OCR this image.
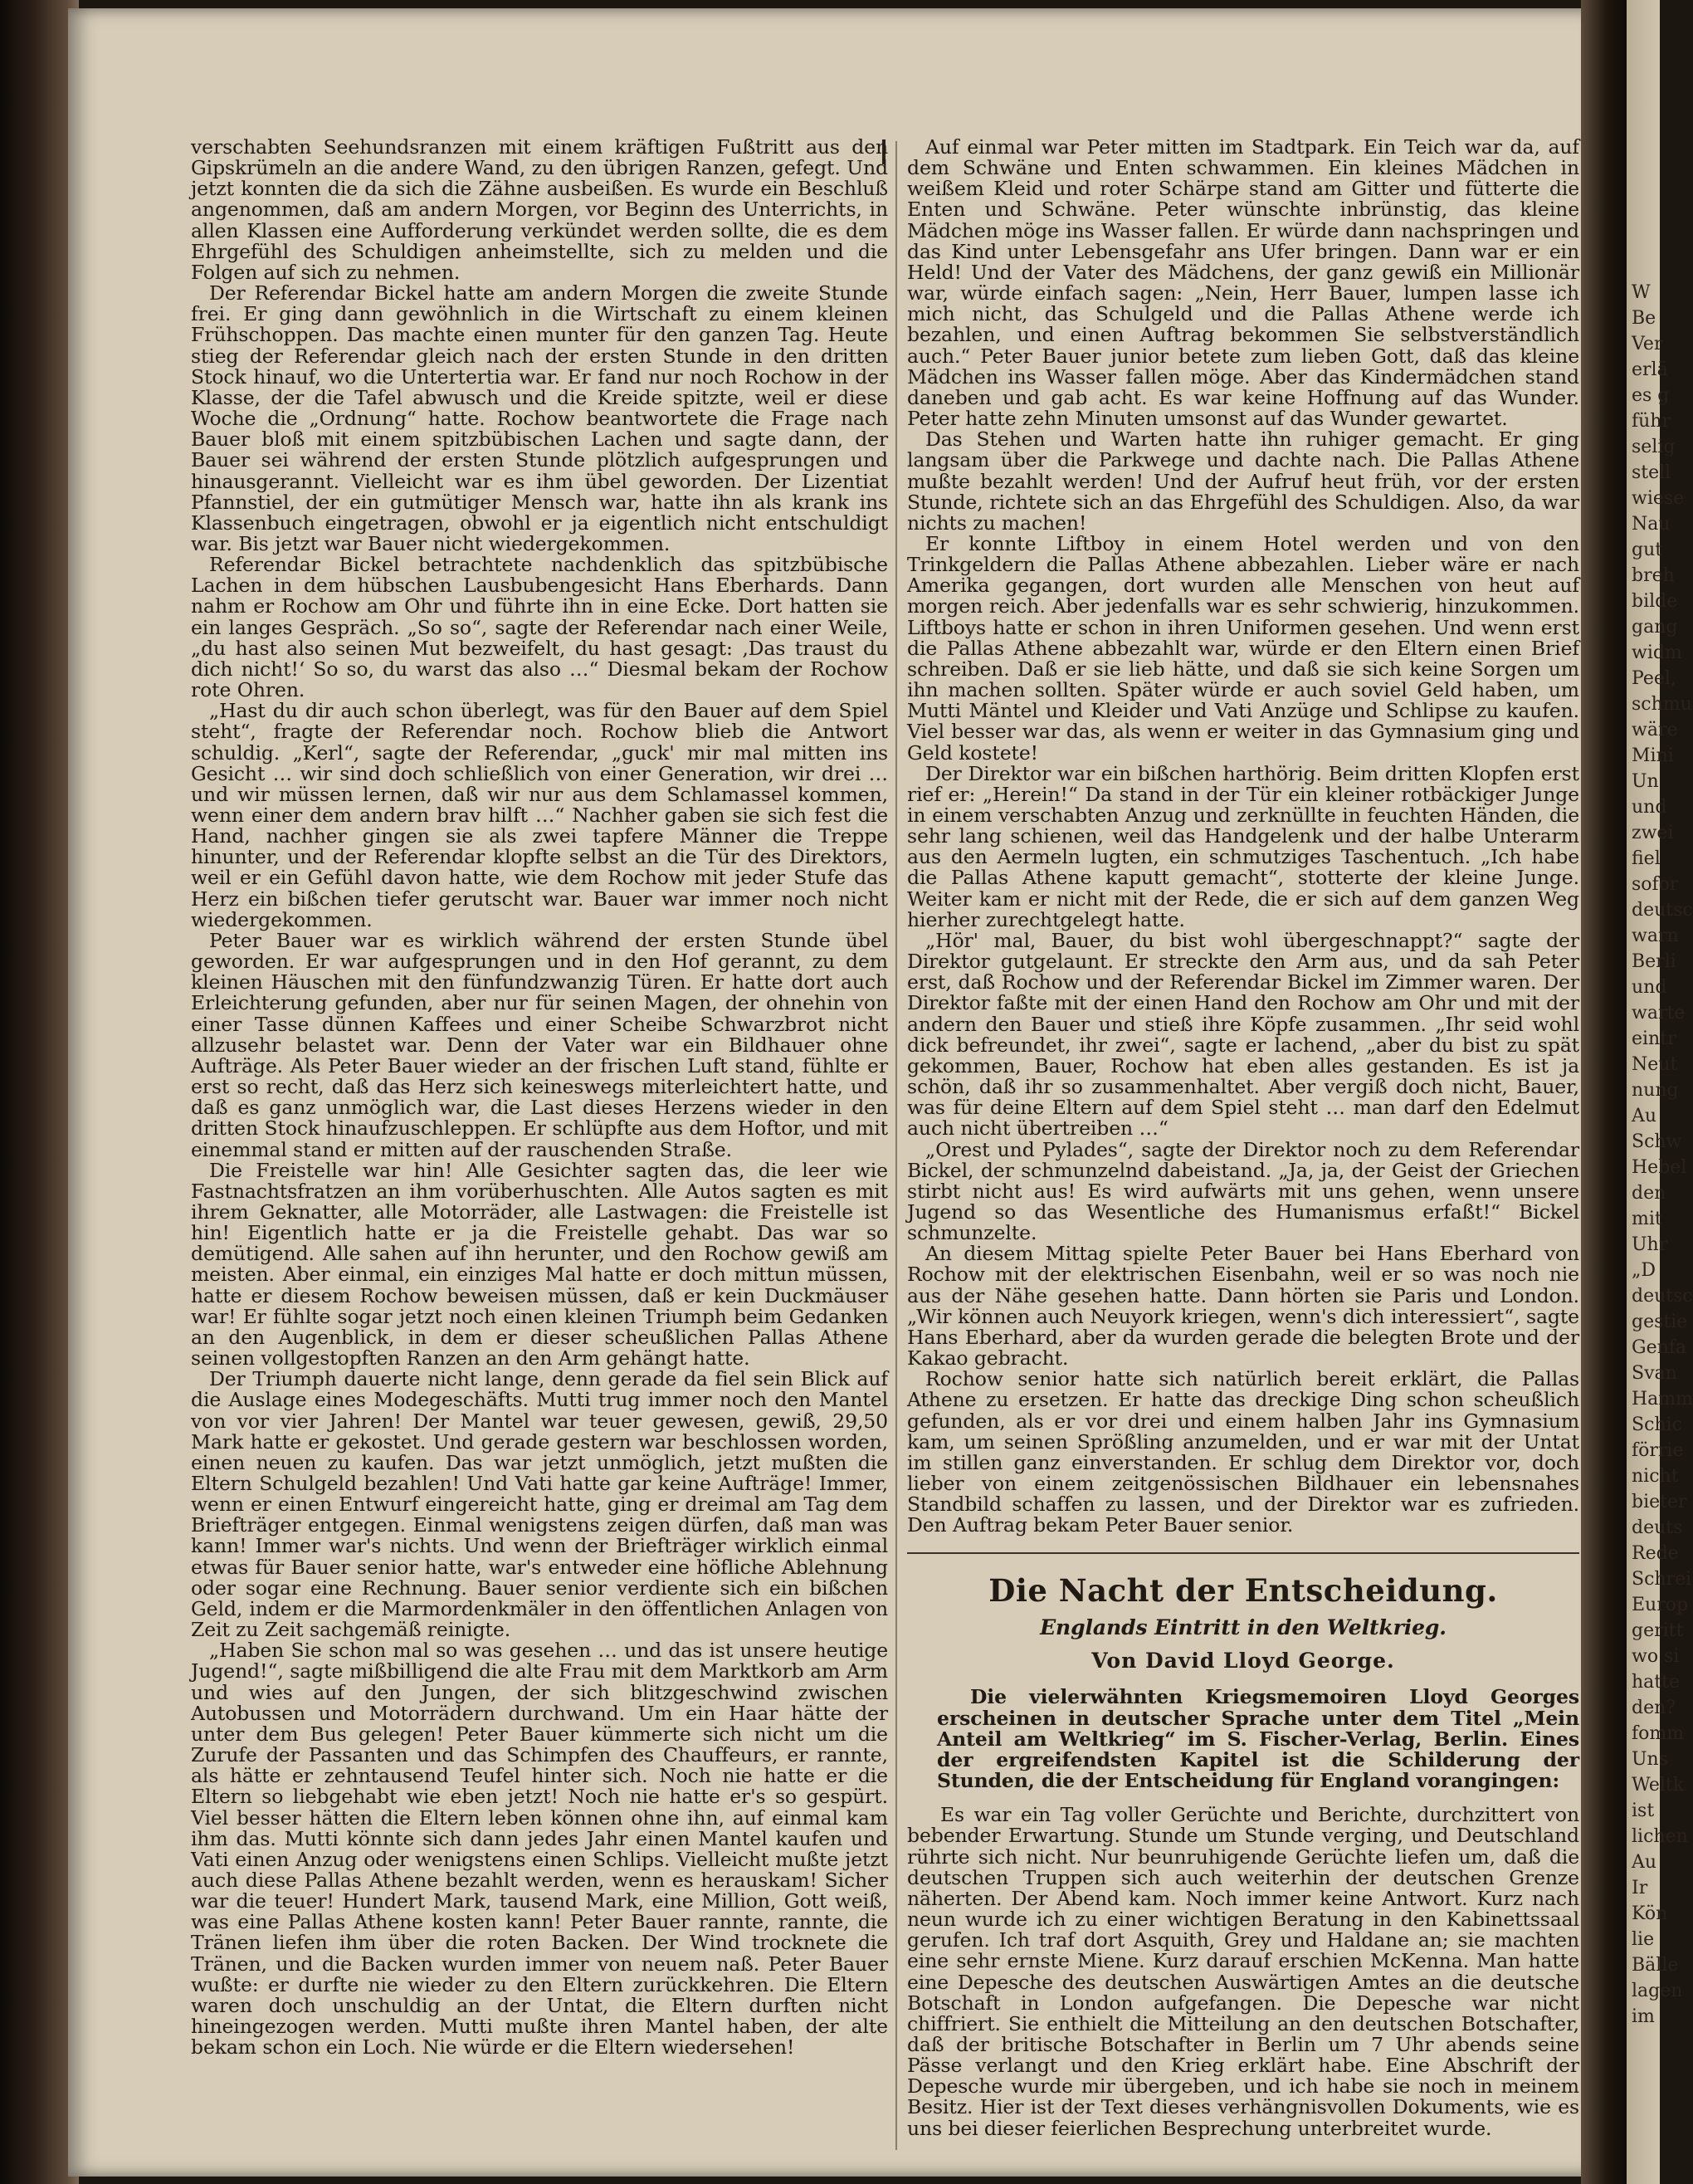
W
Be
Ver
erlä
es g
führ
selig
stell
wiese
Nau
gut
breh
bilde
gang
widm
Peel,
schmu
wäre
Mini
Un
und
zwei
fiel
sofor
deutsc
warn
Berli
und
warte
eintr
Neut
nung
Au
Schw
Hebel
den
mit
Uhr
„D
deutsc
gestie
Genfa
Svan
Hamm
Schic
förrie
nicht
bieter
deuts
Rede
Schrei
Europ
geritt
wo si
hatte
den?
fomm
Uns
Weltk
ist
lichen
Au
Ir
Kön
lie
Bälle
lagen
im

verschabten Seehundsranzen mit einem kräftigen Fußtritt aus den Gipskrümeln an die andere Wand, zu den übrigen Ranzen, gefegt. Und jetzt konnten die da sich die Zähne ausbeißen. Es wurde ein Beschluß angenommen, daß am andern Morgen, vor Beginn des Unterrichts, in allen Klassen eine Aufforderung verkündet werden sollte, die es dem Ehrgefühl des Schuldigen anheimstellte, sich zu melden und die Folgen auf sich zu nehmen.

Der Referendar Bickel hatte am andern Morgen die zweite Stunde frei. Er ging dann gewöhnlich in die Wirtschaft zu einem kleinen Frühschoppen. Das machte einen munter für den ganzen Tag. Heute stieg der Referendar gleich nach der ersten Stunde in den dritten Stock hinauf, wo die Untertertia war. Er fand nur noch Rochow in der Klasse, der die Tafel abwusch und die Kreide spitzte, weil er diese Woche die „Ordnung“ hatte. Rochow beantwortete die Frage nach Bauer bloß mit einem spitzbübischen Lachen und sagte dann, der Bauer sei während der ersten Stunde plötzlich aufgesprungen und hinausgerannt. Vielleicht war es ihm übel geworden. Der Lizentiat Pfannstiel, der ein gutmütiger Mensch war, hatte ihn als krank ins Klassenbuch eingetragen, obwohl er ja eigentlich nicht entschuldigt war. Bis jetzt war Bauer nicht wiedergekommen.

Referendar Bickel betrachtete nachdenklich das spitzbübische Lachen in dem hübschen Lausbubengesicht Hans Eberhards. Dann nahm er Rochow am Ohr und führte ihn in eine Ecke. Dort hatten sie ein langes Gespräch. „So so“, sagte der Referendar nach einer Weile, „du hast also seinen Mut bezweifelt, du hast gesagt: ‚Das traust du dich nicht!‘ So so, du warst das also …“ Diesmal bekam der Rochow rote Ohren.

„Hast du dir auch schon überlegt, was für den Bauer auf dem Spiel steht“, fragte der Referendar noch. Rochow blieb die Antwort schuldig. „Kerl“, sagte der Referendar, „guck' mir mal mitten ins Gesicht … wir sind doch schließlich von einer Generation, wir drei … und wir müssen lernen, daß wir nur aus dem Schlamassel kommen, wenn einer dem andern brav hilft …“ Nachher gaben sie sich fest die Hand, nachher gingen sie als zwei tapfere Männer die Treppe hinunter, und der Referendar klopfte selbst an die Tür des Direktors, weil er ein Gefühl davon hatte, wie dem Rochow mit jeder Stufe das Herz ein bißchen tiefer gerutscht war. Bauer war immer noch nicht wiedergekommen.

Peter Bauer war es wirklich während der ersten Stunde übel geworden. Er war aufgesprungen und in den Hof gerannt, zu dem kleinen Häuschen mit den fünfundzwanzig Türen. Er hatte dort auch Erleichterung gefunden, aber nur für seinen Magen, der ohnehin von einer Tasse dünnen Kaffees und einer Scheibe Schwarzbrot nicht allzusehr belastet war. Denn der Vater war ein Bildhauer ohne Aufträge. Als Peter Bauer wieder an der frischen Luft stand, fühlte er erst so recht, daß das Herz sich keineswegs miterleichtert hatte, und daß es ganz unmöglich war, die Last dieses Herzens wieder in den dritten Stock hinaufzuschleppen. Er schlüpfte aus dem Hoftor, und mit einemmal stand er mitten auf der rauschenden Straße.

Die Freistelle war hin! Alle Gesichter sagten das, die leer wie Fastnachtsfratzen an ihm vorüberhuschten. Alle Autos sagten es mit ihrem Geknatter, alle Motorräder, alle Lastwagen: die Freistelle ist hin! Eigentlich hatte er ja die Freistelle gehabt. Das war so demütigend. Alle sahen auf ihn herunter, und den Rochow gewiß am meisten. Aber einmal, ein einziges Mal hatte er doch mittun müssen, hatte er diesem Rochow beweisen müssen, daß er kein Duckmäuser war! Er fühlte sogar jetzt noch einen kleinen Triumph beim Gedanken an den Augenblick, in dem er dieser scheußlichen Pallas Athene seinen vollgestopften Ranzen an den Arm gehängt hatte.

Der Triumph dauerte nicht lange, denn gerade da fiel sein Blick auf die Auslage eines Modegeschäfts. Mutti trug immer noch den Mantel von vor vier Jahren! Der Mantel war teuer gewesen, gewiß, 29,50 Mark hatte er gekostet. Und gerade gestern war beschlossen worden, einen neuen zu kaufen. Das war jetzt unmöglich, jetzt mußten die Eltern Schulgeld bezahlen! Und Vati hatte gar keine Aufträge! Immer, wenn er einen Entwurf eingereicht hatte, ging er dreimal am Tag dem Briefträger entgegen. Einmal wenigstens zeigen dürfen, daß man was kann! Immer war's nichts. Und wenn der Briefträger wirklich einmal etwas für Bauer senior hatte, war's entweder eine höfliche Ablehnung oder sogar eine Rechnung. Bauer senior verdiente sich ein bißchen Geld, indem er die Marmordenkmäler in den öffentlichen Anlagen von Zeit zu Zeit sachgemäß reinigte.

„Haben Sie schon mal so was gesehen … und das ist unsere heutige Jugend!“, sagte mißbilligend die alte Frau mit dem Marktkorb am Arm und wies auf den Jungen, der sich blitzgeschwind zwischen Autobussen und Motorrädern durchwand. Um ein Haar hätte der unter dem Bus gelegen! Peter Bauer kümmerte sich nicht um die Zurufe der Passanten und das Schimpfen des Chauffeurs, er rannte, als hätte er zehntausend Teufel hinter sich. Noch nie hatte er die Eltern so liebgehabt wie eben jetzt! Noch nie hatte er's so gespürt. Viel besser hätten die Eltern leben können ohne ihn, auf einmal kam ihm das. Mutti könnte sich dann jedes Jahr einen Mantel kaufen und Vati einen Anzug oder wenigstens einen Schlips. Vielleicht mußte jetzt auch diese Pallas Athene bezahlt werden, wenn es herauskam! Sicher war die teuer! Hundert Mark, tausend Mark, eine Million, Gott weiß, was eine Pallas Athene kosten kann! Peter Bauer rannte, rannte, die Tränen liefen ihm über die roten Backen. Der Wind trocknete die Tränen, und die Backen wurden immer von neuem naß. Peter Bauer wußte: er durfte nie wieder zu den Eltern zurückkehren. Die Eltern waren doch unschuldig an der Untat, die Eltern durften nicht hineingezogen werden. Mutti mußte ihren Mantel haben, der alte bekam schon ein Loch. Nie würde er die Eltern wiedersehen!

Auf einmal war Peter mitten im Stadtpark. Ein Teich war da, auf dem Schwäne und Enten schwammen. Ein kleines Mädchen in weißem Kleid und roter Schärpe stand am Gitter und fütterte die Enten und Schwäne. Peter wünschte inbrünstig, das kleine Mädchen möge ins Wasser fallen. Er würde dann nachspringen und das Kind unter Lebensgefahr ans Ufer bringen. Dann war er ein Held! Und der Vater des Mädchens, der ganz gewiß ein Millionär war, würde einfach sagen: „Nein, Herr Bauer, lumpen lasse ich mich nicht, das Schulgeld und die Pallas Athene werde ich bezahlen, und einen Auftrag bekommen Sie selbstverständlich auch.“ Peter Bauer junior betete zum lieben Gott, daß das kleine Mädchen ins Wasser fallen möge. Aber das Kindermädchen stand daneben und gab acht. Es war keine Hoffnung auf das Wunder. Peter hatte zehn Minuten umsonst auf das Wunder gewartet.

Das Stehen und Warten hatte ihn ruhiger gemacht. Er ging langsam über die Parkwege und dachte nach. Die Pallas Athene mußte bezahlt werden! Und der Aufruf heut früh, vor der ersten Stunde, richtete sich an das Ehrgefühl des Schuldigen. Also, da war nichts zu machen!

Er konnte Liftboy in einem Hotel werden und von den Trinkgeldern die Pallas Athene abbezahlen. Lieber wäre er nach Amerika gegangen, dort wurden alle Menschen von heut auf morgen reich. Aber jedenfalls war es sehr schwierig, hinzukommen. Liftboys hatte er schon in ihren Uniformen gesehen. Und wenn erst die Pallas Athene abbezahlt war, würde er den Eltern einen Brief schreiben. Daß er sie lieb hätte, und daß sie sich keine Sorgen um ihn machen sollten. Später würde er auch soviel Geld haben, um Mutti Mäntel und Kleider und Vati Anzüge und Schlipse zu kaufen. Viel besser war das, als wenn er weiter in das Gymnasium ging und Geld kostete!

Der Direktor war ein bißchen harthörig. Beim dritten Klopfen erst rief er: „Herein!“ Da stand in der Tür ein kleiner rotbäckiger Junge in einem verschabten Anzug und zerknüllte in feuchten Händen, die sehr lang schienen, weil das Handgelenk und der halbe Unterarm aus den Aermeln lugten, ein schmutziges Taschentuch. „Ich habe die Pallas Athene kaputt gemacht“, stotterte der kleine Junge. Weiter kam er nicht mit der Rede, die er sich auf dem ganzen Weg hierher zurechtgelegt hatte.

„Hör' mal, Bauer, du bist wohl übergeschnappt?“ sagte der Direktor gutgelaunt. Er streckte den Arm aus, und da sah Peter erst, daß Rochow und der Referendar Bickel im Zimmer waren. Der Direktor faßte mit der einen Hand den Rochow am Ohr und mit der andern den Bauer und stieß ihre Köpfe zusammen. „Ihr seid wohl dick befreundet, ihr zwei“, sagte er lachend, „aber du bist zu spät gekommen, Bauer, Rochow hat eben alles gestanden. Es ist ja schön, daß ihr so zusammenhaltet. Aber vergiß doch nicht, Bauer, was für deine Eltern auf dem Spiel steht … man darf den Edelmut auch nicht übertreiben …“

„Orest und Pylades“, sagte der Direktor noch zu dem Referendar Bickel, der schmunzelnd dabeistand. „Ja, ja, der Geist der Griechen stirbt nicht aus! Es wird aufwärts mit uns gehen, wenn unsere Jugend so das Wesentliche des Humanismus erfaßt!“ Bickel schmunzelte.

An diesem Mittag spielte Peter Bauer bei Hans Eberhard von Rochow mit der elektrischen Eisenbahn, weil er so was noch nie aus der Nähe gesehen hatte. Dann hörten sie Paris und London. „Wir können auch Neuyork kriegen, wenn's dich interessiert“, sagte Hans Eberhard, aber da wurden gerade die belegten Brote und der Kakao gebracht.

Rochow senior hatte sich natürlich bereit erklärt, die Pallas Athene zu ersetzen. Er hatte das dreckige Ding schon scheußlich gefunden, als er vor drei und einem halben Jahr ins Gymnasium kam, um seinen Sprößling anzumelden, und er war mit der Untat im stillen ganz einverstanden. Er schlug dem Direktor vor, doch lieber von einem zeitgenössischen Bildhauer ein lebensnahes Standbild schaffen zu lassen, und der Direktor war es zufrieden. Den Auftrag bekam Peter Bauer senior.

Die Nacht der Entscheidung.
Englands Eintritt in den Weltkrieg.
Von David Lloyd George.

Die vielerwähnten Kriegsmemoiren Lloyd Georges erscheinen in deutscher Sprache unter dem Titel „Mein Anteil am Weltkrieg“ im S. Fischer-Verlag, Berlin. Eines der ergreifendsten Kapitel ist die Schilderung der Stunden, die der Entscheidung für England vorangingen:

Es war ein Tag voller Gerüchte und Berichte, durchzittert von bebender Erwartung. Stunde um Stunde verging, und Deutschland rührte sich nicht. Nur beunruhigende Gerüchte liefen um, daß die deutschen Truppen sich auch weiterhin der deutschen Grenze näherten. Der Abend kam. Noch immer keine Antwort. Kurz nach neun wurde ich zu einer wichtigen Beratung in den Kabinettssaal gerufen. Ich traf dort Asquith, Grey und Haldane an; sie machten eine sehr ernste Miene. Kurz darauf erschien McKenna. Man hatte eine Depesche des deutschen Auswärtigen Amtes an die deutsche Botschaft in London aufgefangen. Die Depesche war nicht chiffriert. Sie enthielt die Mitteilung an den deutschen Botschafter, daß der britische Botschafter in Berlin um 7 Uhr abends seine Pässe verlangt und den Krieg erklärt habe. Eine Abschrift der Depesche wurde mir übergeben, und ich habe sie noch in meinem Besitz. Hier ist der Text dieses verhängnisvollen Dokuments, wie es uns bei dieser feierlichen Besprechung unterbreitet wurde.
